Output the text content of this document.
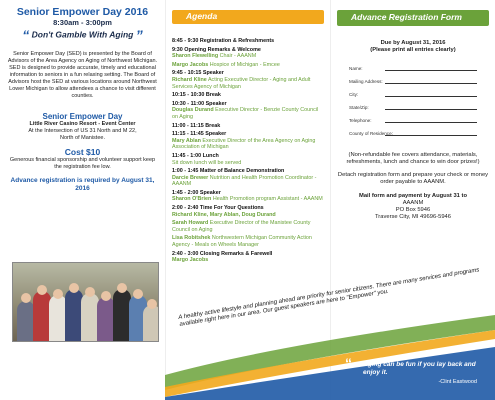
Senior Empower Day 2016
8:30am - 3:00pm
“ Don't Gamble With Aging ”

Senior Empower Day (SED) is presented by the Board of Advisors of the Area Agency on Aging of Northwest Michigan. SED is designed to provide accurate, timely and educational information to seniors in a fun relaxing setting. The Board of Advisors host the SED at various locations around Northwest Lower Michigan to allow attendees a chance to visit different counties.

Senior Empower Day
Little River Casino Resort - Event Center
At the Intersection of US 31 North and M 22,
North of Manistee.
Cost $10
Generous financial sponsorship and volunteer support keep the registration fee low.
Advance registration is required by August 31, 2016
Agenda
8:45 - 9:30 Registration & Refreshments
9:30 Opening Remarks & Welcome
Sharon Flewelling Chair - AAANM
Margo Jacobs Hospice of Michigan - Emcee
9:45 - 10:15 Speaker
Richard Kline Acting Executive Director - Aging and Adult Services Agency of Michigan
10:15 - 10:30 Break
10:30 - 11:00 Speaker
Douglas Durand Executive Director - Benzie County Council on Aging
11:00 - 11:15 Break
11:15 - 11:45 Speaker
Mary Ablan Executive Director of the Area Agency on Aging Association of Michigan
11:45 - 1:00 Lunch
Sit down lunch will be served
1:00 - 1:45 Matter of Balance Demonstration
Darcie Brewer Nutrition and Health Promotion Coordinator - AAANM
1:45 - 2:00 Speaker
Sharon O'Brien Health Promotion program Assistant - AAANM
2:00 - 2:40 Time For Your Questions
Richard Kline, Mary Ablan, Doug Durand
Sarah Howard Executive Director of the Manistee County Council on Aging
Lisa Robitshek Northwestern Michigan Community Action Agency - Meals on Wheels Manager
2:40 - 3:00 Closing Remarks & Farewell
Margo Jacobs
Advance Registration Form
Due by August 31, 2016
(Please print all entries clearly)
Name:
Mailing Address:
City:
State/Zip:
Telephone:
County of Residence:
(Non-refundable fee covers attendance, materials, refreshments, lunch and chance to win door prizes!)
Detach registration form and prepare your check or money order payable to AAANM.
Mail form and payment by August 31 to
AAANM
PO Box 5946
Traverse City, MI 49696-5946
A healthy active lifestyle and planning ahead are priority for senior citizens. There are many services and programs available right here in our area. Our guest speakers are here to "Empower" you.
“ Aging can be fun if you lay back and enjoy it.
-Clint Eastwood
